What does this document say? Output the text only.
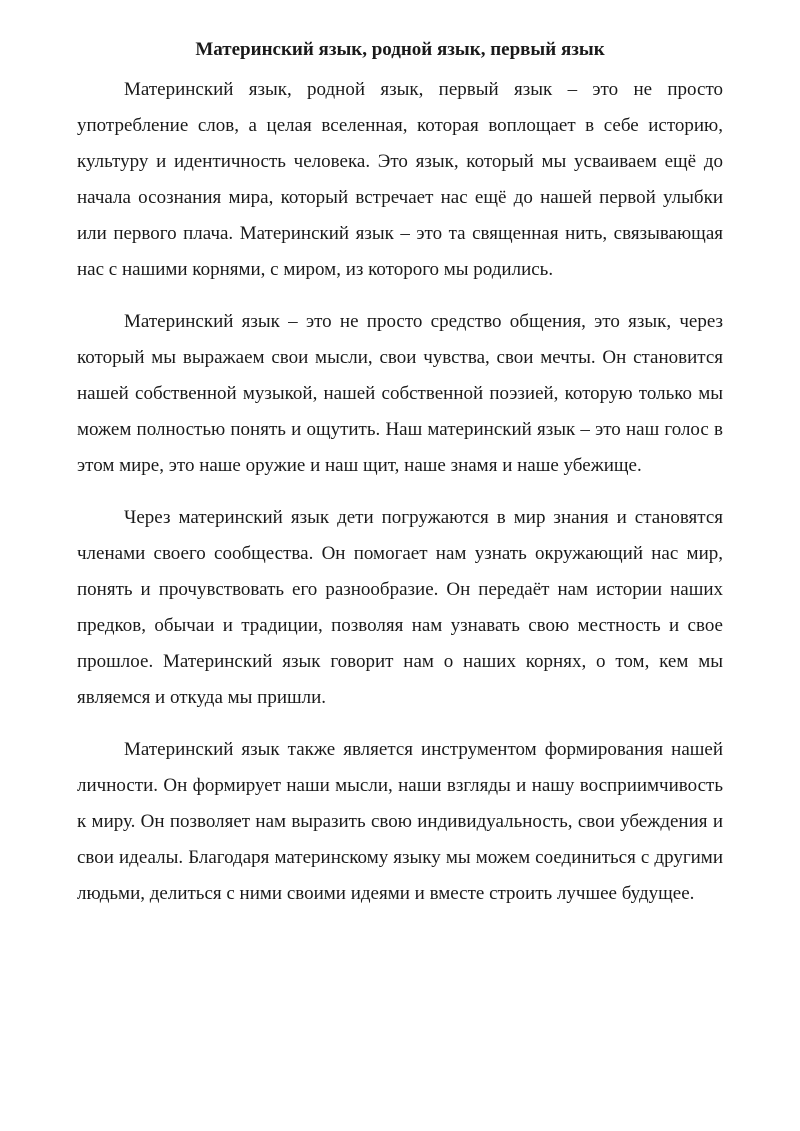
Материнский язык, родной язык, первый язык

Материнский язык, родной язык, первый язык – это не просто употребление слов, а целая вселенная, которая воплощает в себе историю, культуру и идентичность человека. Это язык, который мы усваиваем ещё до начала осознания мира, который встречает нас ещё до нашей первой улыбки или первого плача. Материнский язык – это та священная нить, связывающая нас с нашими корнями, с миром, из которого мы родились.

Материнский язык – это не просто средство общения, это язык, через который мы выражаем свои мысли, свои чувства, свои мечты. Он становится нашей собственной музыкой, нашей собственной поэзией, которую только мы можем полностью понять и ощутить. Наш материнский язык – это наш голос в этом мире, это наше оружие и наш щит, наше знамя и наше убежище.

Через материнский язык дети погружаются в мир знания и становятся членами своего сообщества. Он помогает нам узнать окружающий нас мир, понять и прочувствовать его разнообразие. Он передаёт нам истории наших предков, обычаи и традиции, позволяя нам узнавать свою местность и свое прошлое. Материнский язык говорит нам о наших корнях, о том, кем мы являемся и откуда мы пришли.

Материнский язык также является инструментом формирования нашей личности. Он формирует наши мысли, наши взгляды и нашу восприимчивость к миру. Он позволяет нам выразить свою индивидуальность, свои убеждения и свои идеалы. Благодаря материнскому языку мы можем соединиться с другими людьми, делиться с ними своими идеями и вместе строить лучшее будущее.
